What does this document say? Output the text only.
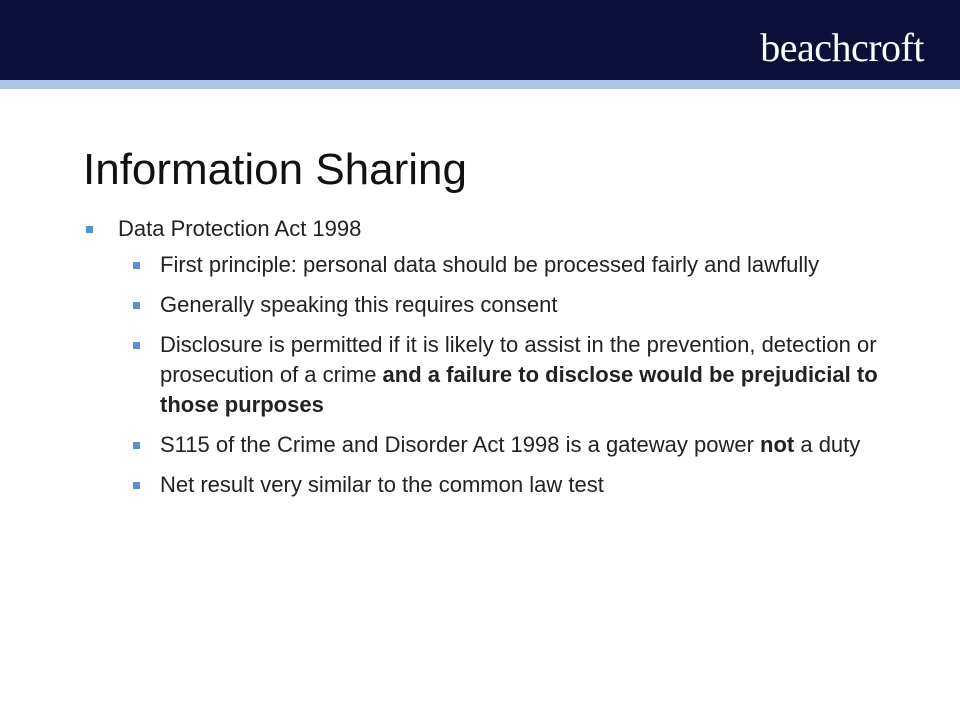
beachcroft
Information Sharing
Data Protection Act 1998
First principle: personal data should be processed fairly and lawfully
Generally speaking this requires consent
Disclosure is permitted if it is likely to assist in the prevention, detection or prosecution of a crime and a failure to disclose would be prejudicial to those purposes
S115 of the Crime and Disorder Act 1998 is a gateway power not a duty
Net result very similar to the common law test
